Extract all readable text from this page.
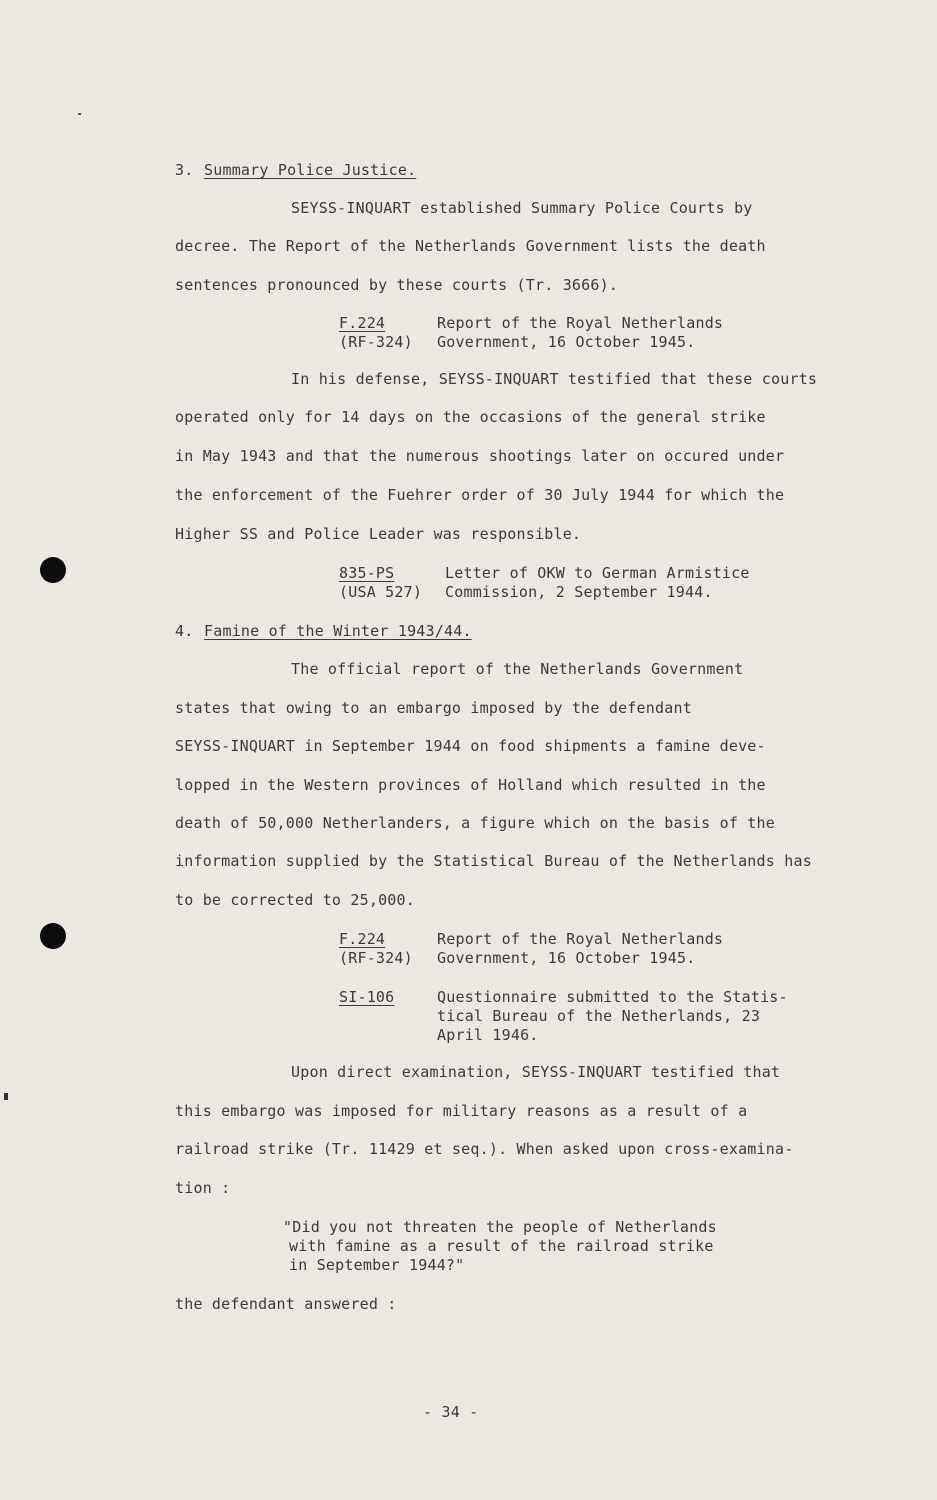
3. Summary Police Justice.
SEYSS-INQUART established Summary Police Courts by
decree. The Report of the Netherlands Government lists the death
sentences pronounced by these courts (Tr. 3666).
F.224
(RF-324)
Report of the Royal Netherlands
Government, 16 October 1945.
In his defense, SEYSS-INQUART testified that these courts
operated only for 14 days on the occasions of the general strike
in May 1943 and that the numerous shootings later on occured under
the enforcement of the Fuehrer order of 30 July 1944 for which the
Higher SS and Police Leader was responsible.
835-PS
(USA 527)
Letter of OKW to German Armistice
Commission, 2 September 1944.
4. Famine of the Winter 1943/44.
The official report of the Netherlands Government
states that owing to an embargo imposed by the defendant
SEYSS-INQUART in September 1944 on food shipments a famine deve-
lopped in the Western provinces of Holland which resulted in the
death of 50,000 Netherlanders, a figure which on the basis of the
information supplied by the Statistical Bureau of the Netherlands has
to be corrected to 25,000.
F.224
(RF-324)
Report of the Royal Netherlands
Government, 16 October 1945.
SI-106	Questionnaire submitted to the Statis-
tical Bureau of the Netherlands, 23
April 1946.
Upon direct examination, SEYSS-INQUART testified that
this embargo was imposed for military reasons as a result of a
railroad strike (Tr. 11429 et seq.). When asked upon cross-examina-
tion :
"Did you not threaten the people of Netherlands
with famine as a result of the railroad strike
in September 1944?"
the defendant answered :
- 34 -
